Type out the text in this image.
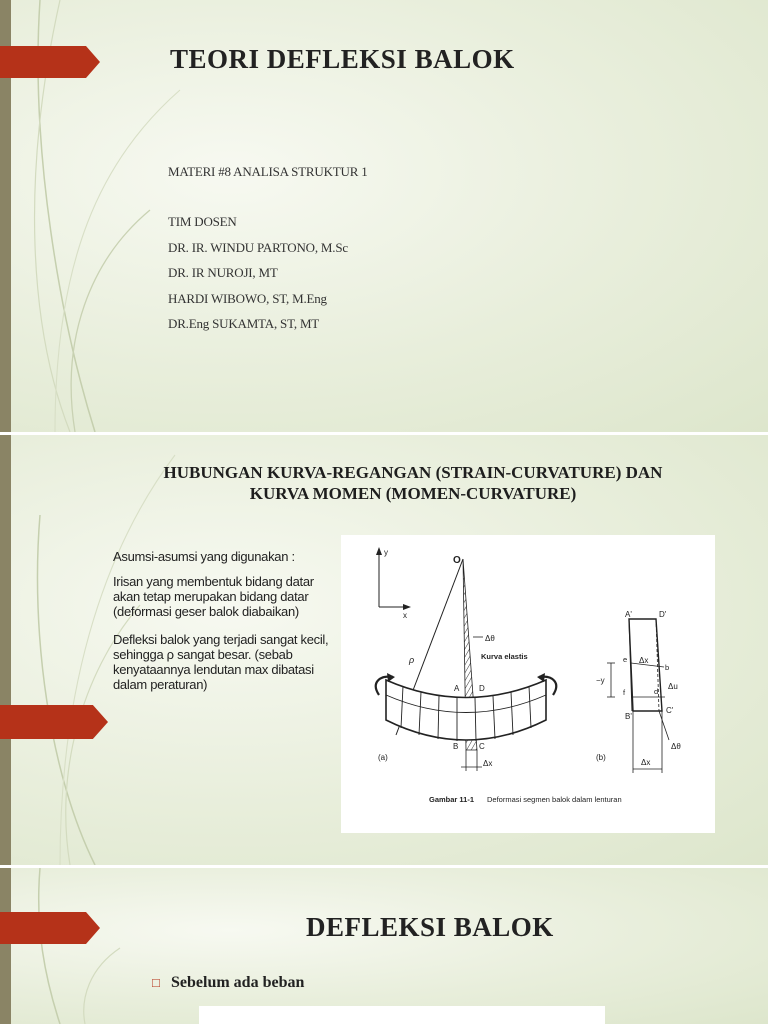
TEORI DEFLEKSI BALOK
MATERI #8 ANALISA STRUKTUR 1
TIM DOSEN
DR. IR. WINDU PARTONO, M.Sc
DR. IR NUROJI, MT
HARDI WIBOWO, ST, M.Eng
DR.Eng SUKAMTA, ST, MT
HUBUNGAN KURVA-REGANGAN (STRAIN-CURVATURE) DAN
KURVA MOMEN (MOMEN-CURVATURE)
Asumsi-asumsi yang digunakan :
Irisan yang membentuk bidang datar akan tetap merupakan bidang datar (deformasi geser balok diabaikan)
Defleksi balok yang terjadi sangat kecil, sehingga ρ sangat besar. (sebab kenyataannya lendutan max dibatasi dalam peraturan)
y
x
O
ρ
Δθ
Kurva elastis
A D
B	C
Δx
(a)
A'	D'
B'
C'
e
f
b
d
−y
Δu
Δx
Δθ
Δx
(b)
Gambar 11-1 Deformasi segmen balok dalam lenturan
DEFLEKSI BALOK
□ Sebelum ada beban
